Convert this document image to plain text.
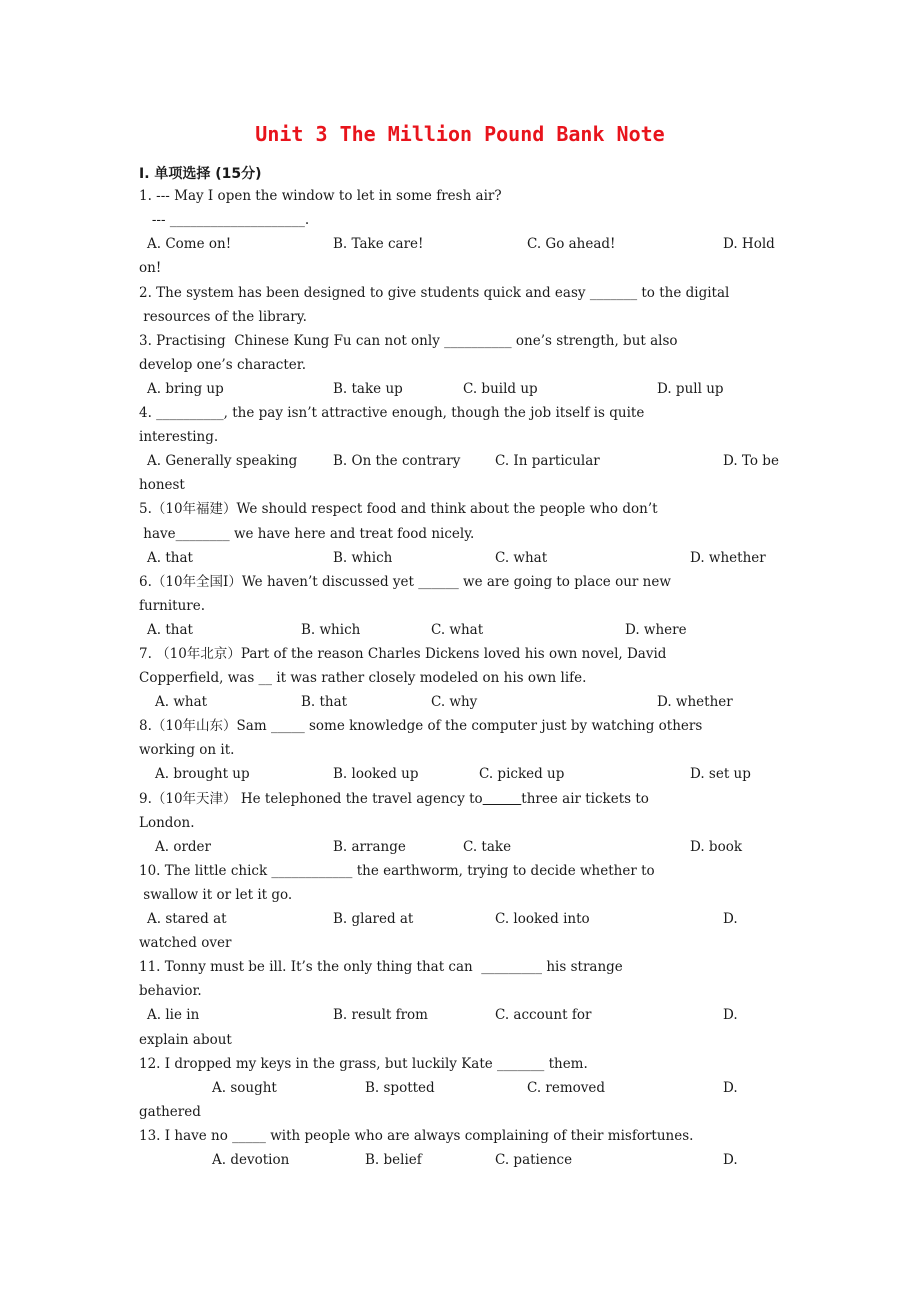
Unit 3 The Million Pound Bank Note
I. 单项选择 (15分)
1. --- May I open the window to let in some fresh air?
--- ____________________.
A. Come on!	B. Take care!	C. Go ahead!	D. Hold
on!
2. The system has been designed to give students quick and easy _______ to the digital
resources of the library.
3. Practising  Chinese Kung Fu can not only __________ one’s strength, but also
develop one’s character.
A. bring up	B. take up	C. build up	D. pull up
4. __________, the pay isn’t attractive enough, though the job itself is quite
interesting.
A. Generally speaking	B. On the contrary	C. In particular	D. To be
honest
5.（10年福建）We should respect food and think about the people who don’t
have________ we have here and treat food nicely.
A. that	B. which	C. what	D. whether
6.（10年全国Ⅰ）We haven’t discussed yet ______ we are going to place our new
furniture.
A. that	B. which	C. what	D. where
7. （10年北京）Part of the reason Charles Dickens loved his own novel, David
Copperfield, was __ it was rather closely modeled on his own life.
A. what	B. that	C. why	D. whether
8.（10年山东）Sam _____ some knowledge of the computer just by watching others
working on it.
A. brought up	B. looked up	C. picked up	D. set up
9.（10年天津） He telephoned the travel agency to	three air tickets to
London.
A. order	B. arrange	C. take	D. book
10. The little chick ____________ the earthworm, trying to decide whether to
swallow it or let it go.
A. stared at	B. glared at	C. looked into	D.
watched over
11. Tonny must be ill. It’s the only thing that can  _________ his strange
behavior.
A. lie in	B. result from	C. account for	D.
explain about
12. I dropped my keys in the grass, but luckily Kate _______ them.
A. sought	B. spotted	C. removed	D.
gathered
13. I have no _____ with people who are always complaining of their misfortunes.
A. devotion	B. belief	C. patience	D.
